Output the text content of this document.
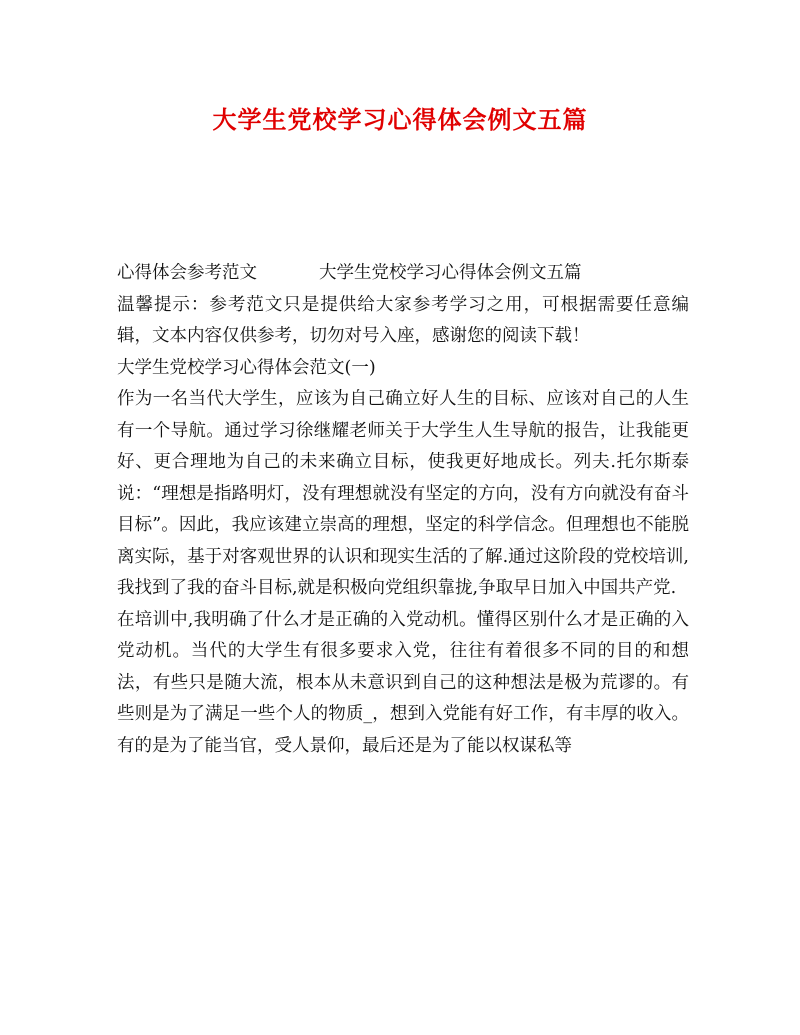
大学生党校学习心得体会例文五篇

心得体会参考范文	大学生党校学习心得体会例文五篇

温馨提示：参考范文只是提供给大家参考学习之用，可根据需要任意编辑，文本内容仅供参考，切勿对号入座，感谢您的阅读下载！

大学生党校学习心得体会范文(一)

作为一名当代大学生，应该为自己确立好人生的目标、应该对自己的人生有一个导航。通过学习徐继耀老师关于大学生人生导航的报告，让我能更好、更合理地为自己的未来确立目标，使我更好地成长。列夫.托尔斯泰说：“理想是指路明灯，没有理想就没有坚定的方向，没有方向就没有奋斗目标”。因此，我应该建立崇高的理想，坚定的科学信念。但理想也不能脱离实际，基于对客观世界的认识和现实生活的了解.通过这阶段的党校培训,我找到了我的奋斗目标,就是积极向党组织靠拢,争取早日加入中国共产党.

在培训中,我明确了什么才是正确的入党动机。懂得区别什么才是正确的入党动机。当代的大学生有很多要求入党，往往有着很多不同的目的和想法，有些只是随大流，根本从未意识到自己的这种想法是极为荒谬的。有些则是为了满足一些个人的物质_，想到入党能有好工作，有丰厚的收入。有的是为了能当官，受人景仰，最后还是为了能以权谋私等
